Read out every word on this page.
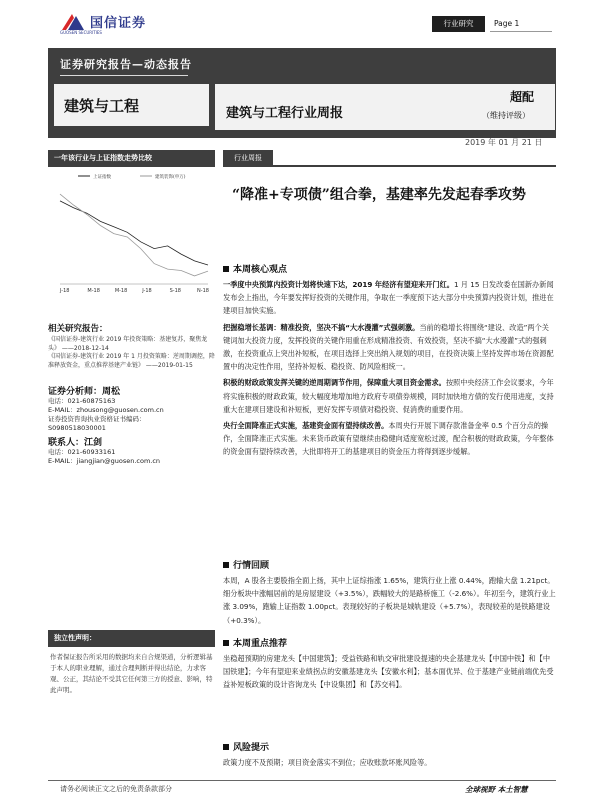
国信证券
GUOSEN SECURITIES
行业研究	Page 1
证券研究报告—动态报告
建筑与工程	建筑与工程行业周报
超配
（维持评级）
2019 年 01 月 21 日
一年该行业与上证指数走势比较
上证指数	建筑装饰(申万)
J-18	M-18	M-18	J-18	S-18	N-18
相关研究报告：
《国信证券-建筑行业 2019 年投资策略：基建复苏，聚焦龙头》 ——2018-12-14
《国信证券-建筑行业 2019 年 1 月投资策略：逆周期调控，降准释放资金，重点推荐基建产业链》 ——2019-01-15
证券分析师：周松
电话：021-60875163
E-MAIL：zhousong@guosen.com.cn
证券投资咨询执业资格证书编码：
S0980518030001
联系人：江剑
电话：021-60933161
E-MAIL：jiangjian@guosen.com.cn
独立性声明：
作者保证报告所采用的数据均来自合规渠道，分析逻辑基于本人的职业理解，通过合理判断并得出结论，力求客观、公正，其结论不受其它任何第三方的授意、影响，特此声明。
行业周报
“降准+专项债”组合拳，基建率先发起春季攻势
本周核心观点
一季度中央预算内投资计划将快速下达，2019 年经济有望迎来开门红。1 月 15 日发改委在国新办新闻发布会上指出，今年要发挥好投资的关键作用，争取在一季度预下达大部分中央预算内投资计划，推进在建项目加快实施。
把握稳增长基调：精准投资，坚决不搞“大水漫灌”式强刺激。当前的稳增长将围绕“建设、改造”两个关键词加大投资力度，发挥投资的关键作用重在形成精准投资、有效投资，坚决不搞“大水漫灌”式的强刺激，在投资重点上突出补短板，在项目选择上突出纳入规划的项目，在投资决策上坚持发挥市场在资源配置中的决定性作用，坚持补短板、稳投资、防风险相统一。
积极的财政政策发挥关键的逆周期调节作用，保障重大项目资金需求。按照中央经济工作会议要求，今年将实施积极的财政政策，较大幅度地增加地方政府专项债券规模，同时加快地方债的发行使用进度，支持重大在建项目建设和补短板，更好发挥专项债对稳投资、促消费的重要作用。
央行全面降准正式实施，基建资金面有望持续改善。本周央行开展下调存款准备金率 0.5 个百分点的操作，全面降准正式实施。未来货币政策有望继续由稳健向适度宽松过渡，配合积极的财政政策，今年整体的资金面有望持续改善，大批即将开工的基建项目的资金压力将得到逐步缓解。
行情回顾
本周，A 股各主要股指全面上扬，其中上证综指涨 1.65%，建筑行业上涨 0.44%，跑输大盘 1.21pct。细分板块中涨幅居前的是房屋建设（+3.5%），跌幅较大的是路桥施工（-2.6%）。年初至今，建筑行业上涨 3.09%，跑输上证指数 1.00pct。表现较好的子板块是城轨建设（+5.7%），表现较差的是铁路建设（+0.3%）。
本周重点推荐
坐稳超预期的房建龙头【中国建筑】；受益铁路和轨交审批建设提速的央企基建龙头【中国中铁】和【中国铁建】；今年有望迎来业绩拐点的安徽基建龙头【安徽水利】；基本面优异、位于基建产业链前端优先受益补短板政策的设计咨询龙头【中设集团】和【苏交科】。
风险提示
政策力度不及预期；项目资金落实不到位；应收账款坏账风险等。
请务必阅读正文之后的免责条款部分	全球视野 本土智慧
